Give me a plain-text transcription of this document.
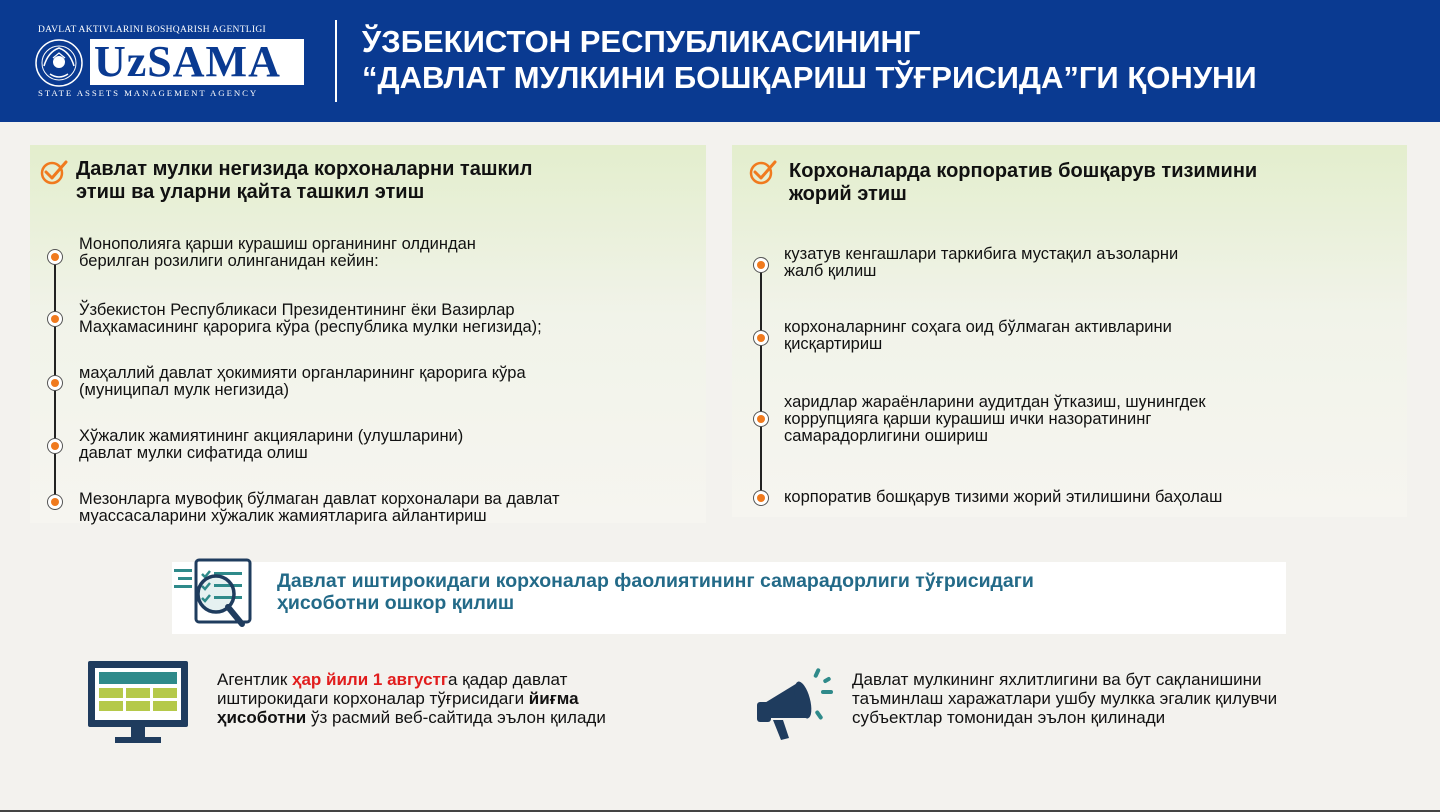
DAVLAT AKTIVLARINI BOSHQARISH AGENTLIGI
UzSAMA
STATE ASSETS MANAGEMENT AGENCY
ЎЗБЕКИСТОН РЕСПУБЛИКАСИНИНГ
“ДАВЛАТ МУЛКИНИ БОШҚАРИШ ТЎҒРИСИДА”ГИ ҚОНУНИ
Давлат мулки негизида корхоналарни ташкил
этиш ва уларни қайта ташкил этиш
Монополияга қарши курашиш органининг олдиндан
берилган розилиги олинганидан кейин:
Ўзбекистон Республикаси Президентининг ёки Вазирлар
Маҳкамасининг қарорига кўра (республика мулки негизида);
маҳаллий давлат ҳокимияти органларининг қарорига кўра
(муниципал мулк негизида)
Хўжалик жамиятининг акцияларини (улушларини)
давлат мулки сифатида олиш
Мезонларга мувофиқ бўлмаган давлат корхоналари ва давлат
муассасаларини хўжалик жамиятларига айлантириш
Корхоналарда корпоратив бошқарув тизимини
жорий этиш
кузатув кенгашлари таркибига мустақил аъзоларни
жалб қилиш
корхоналарнинг соҳага оид бўлмаган активларини
қисқартириш
харидлар жараёнларини аудитдан ўтказиш, шунингдек
коррупцияга қарши курашиш ички назоратининг
самарадорлигини ошириш
корпоратив бошқарув тизими жорий этилишини баҳолаш
Давлат иштирокидаги корхоналар фаолиятининг самарадорлиги тўғрисидаги
ҳисоботни ошкор қилиш
Агентлик ҳар йили 1 августга қадар давлат
иштирокидаги корхоналар тўғрисидаги йиғма
ҳисоботни ўз расмий веб-сайтида эълон қилади
Давлат мулкининг яхлитлигини ва бут сақланишини
таъминлаш харажатлари ушбу мулкка эгалик қилувчи
субъектлар томонидан эълон қилинади
